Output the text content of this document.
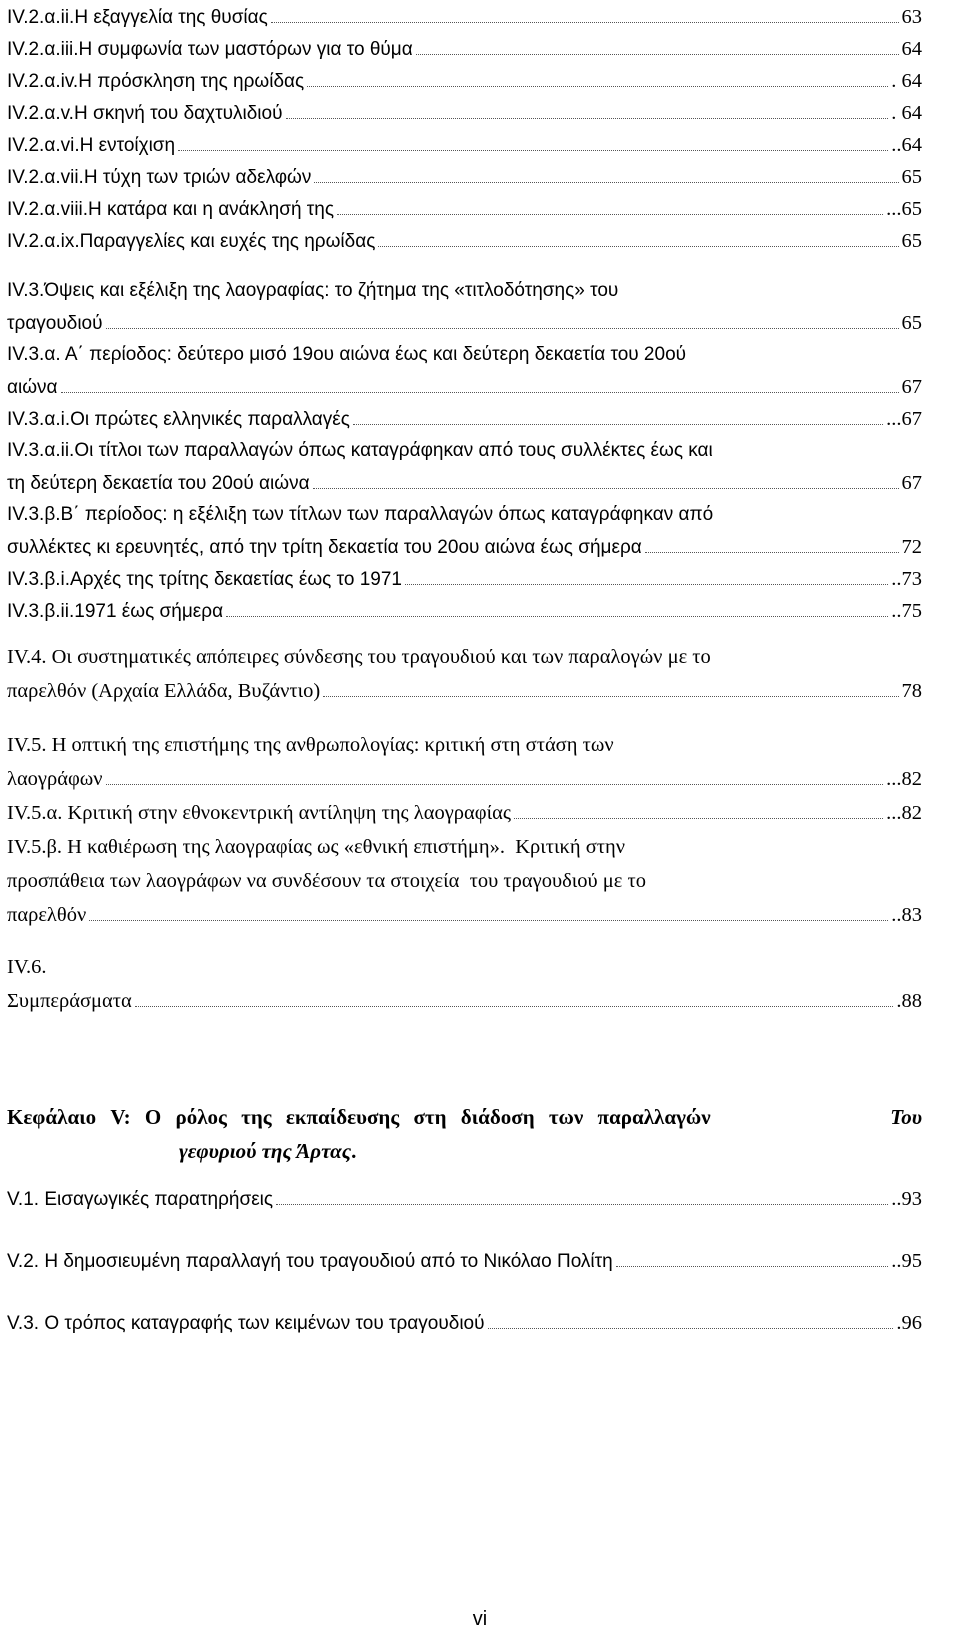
IV.2.α.ii. Η εξαγγελία της θυσίας	63
IV.2.α.iii. Η συμφωνία των μαστόρων για το θύμα	64
IV.2.α.iv. Η πρόσκληση της ηρωίδας	. 64
IV.2.α.v. Η σκηνή του δαχτυλιδιού	. 64
IV.2.α.vi. Η εντοίχιση	..64
IV.2.α.vii. Η τύχη των τριών αδελφών	65
IV.2.α.viii. Η κατάρα και η ανάκλησή της	...65
IV.2.α.ix. Παραγγελίες και ευχές της ηρωίδας	65
IV.3. Όψεις και εξέλιξη της λαογραφίας: το ζήτημα της «τιτλοδότησης» του
τραγουδιού	65
IV.3.α. Α΄ περίοδος: δεύτερο μισό 19 ου αιώνα έως και δεύτερη δεκαετία του 20 ού
αιώνα	67
IV.3.α.i. Οι πρώτες ελληνικές παραλλαγές	...67
IV.3.α.ii. Οι τίτλοι των παραλλαγών όπως καταγράφηκαν από τους συλλέκτες έως και
τη δεύτερη δεκαετία του 20 ού αιώνα	67
IV.3.β. Β΄ περίοδος: η εξέλιξη των τίτλων των παραλλαγών όπως καταγράφηκαν από
συλλέκτες κι ερευνητές, από την τρίτη δεκαετία του 20 ου αιώνα έως σήμερα	72
IV.3.β.i. Αρχές της τρίτης δεκαετίας έως το 1971	..73
IV.3.β.ii. 1971 έως σήμερα	..75
IV.4. Οι συστηματικές απόπειρες σύνδεσης του τραγουδιού και των παραλογών με το
παρελθόν (Αρχαία Ελλάδα, Βυζάντιο)	78
IV.5. Η οπτική της επιστήμης της ανθρωπολογίας: κριτική στη στάση των
λαογράφων	...82
IV.5.α. Κριτική στην εθνοκεντρική αντίληψη της λαογραφίας	...82
IV.5.β. Η καθιέρωση της λαογραφίας ως «εθνική επιστήμη».  Κριτική στην
προσπάθεια των λαογράφων να συνδέσουν τα στοιχεία  του τραγουδιού με το
παρελθόν	..83
IV.6.
Συμπεράσματα	.88
Κεφάλαιο V: Ο ρόλος της εκπαίδευσης στη διάδοση των παραλλαγών	Του
γεφυριού της Άρτας.
V.1. Εισαγωγικές παρατηρήσεις	..93
V.2. Η δημοσιευμένη παραλλαγή του τραγουδιού από το Νικόλαο Πολίτη	..95
V.3. Ο τρόπος καταγραφής των κειμένων του τραγουδιού	.96
vi
